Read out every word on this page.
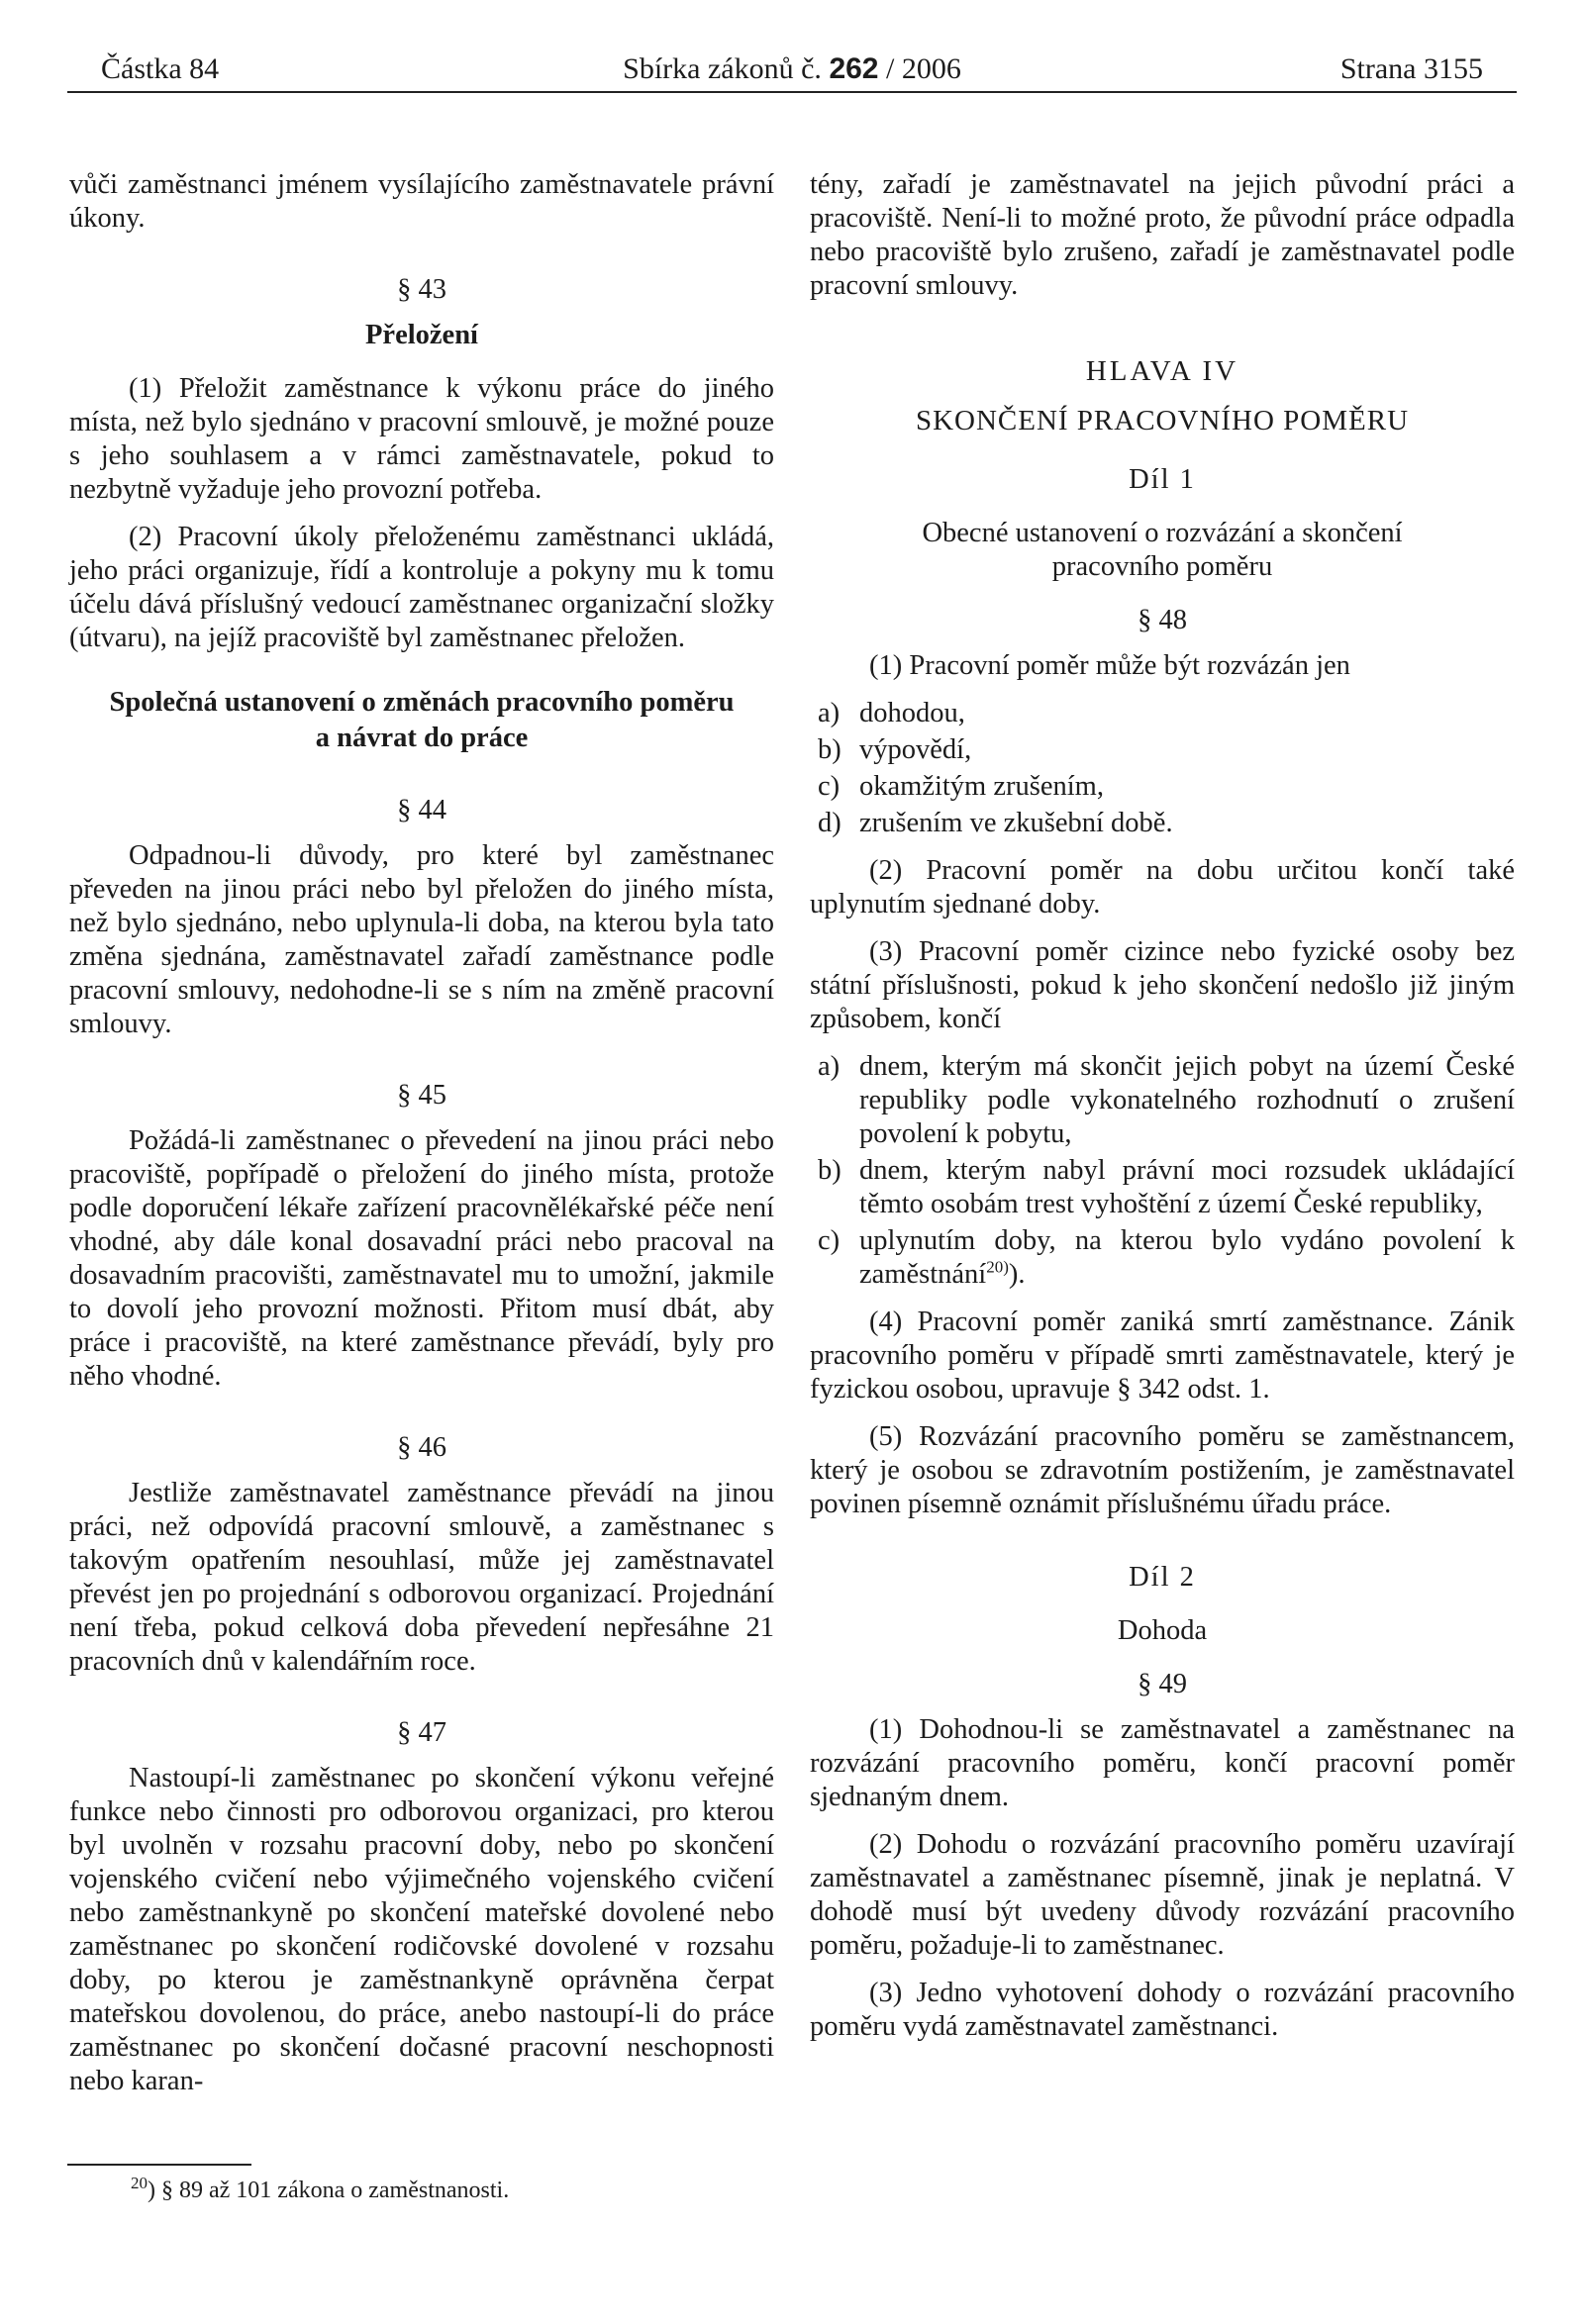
Částka 84	Sbírka zákonů č. 262 / 2006	Strana 3155

vůči zaměstnanci jménem vysílajícího zaměstnavatele právní úkony.

§ 43
Přeložení

(1) Přeložit zaměstnance k výkonu práce do jiného místa, než bylo sjednáno v pracovní smlouvě, je možné pouze s jeho souhlasem a v rámci zaměstnavatele, pokud to nezbytně vyžaduje jeho provozní potřeba.

(2) Pracovní úkoly přeloženému zaměstnanci ukládá, jeho práci organizuje, řídí a kontroluje a pokyny mu k tomu účelu dává příslušný vedoucí zaměstnanec organizační složky (útvaru), na jejíž pracoviště byl zaměstnanec přeložen.

Společná ustanovení o změnách pracovního poměru
a návrat do práce
§ 44

Odpadnou-li důvody, pro které byl zaměstnanec převeden na jinou práci nebo byl přeložen do jiného místa, než bylo sjednáno, nebo uplynula-li doba, na kterou byla tato změna sjednána, zaměstnavatel zařadí zaměstnance podle pracovní smlouvy, nedohodne-li se s ním na změně pracovní smlouvy.

§ 45

Požádá-li zaměstnanec o převedení na jinou práci nebo pracoviště, popřípadě o přeložení do jiného místa, protože podle doporučení lékaře zařízení pracovnělékařské péče není vhodné, aby dále konal dosavadní práci nebo pracoval na dosavadním pracovišti, zaměstnavatel mu to umožní, jakmile to dovolí jeho provozní možnosti. Přitom musí dbát, aby práce i pracoviště, na které zaměstnance převádí, byly pro něho vhodné.

§ 46

Jestliže zaměstnavatel zaměstnance převádí na jinou práci, než odpovídá pracovní smlouvě, a zaměstnanec s takovým opatřením nesouhlasí, může jej zaměstnavatel převést jen po projednání s odborovou organizací. Projednání není třeba, pokud celková doba převedení nepřesáhne 21 pracovních dnů v kalendářním roce.

§ 47

Nastoupí-li zaměstnanec po skončení výkonu veřejné funkce nebo činnosti pro odborovou organizaci, pro kterou byl uvolněn v rozsahu pracovní doby, nebo po skončení vojenského cvičení nebo výjimečného vojenského cvičení nebo zaměstnankyně po skončení mateřské dovolené nebo zaměstnanec po skončení rodičovské dovolené v rozsahu doby, po kterou je zaměstnankyně oprávněna čerpat mateřskou dovolenou, do práce, anebo nastoupí-li do práce zaměstnanec po skončení dočasné pracovní neschopnosti nebo karan-

tény, zařadí je zaměstnavatel na jejich původní práci a pracoviště. Není-li to možné proto, že původní práce odpadla nebo pracoviště bylo zrušeno, zařadí je zaměstnavatel podle pracovní smlouvy.

HLAVA IV
SKONČENÍ PRACOVNÍHO POMĚRU
Díl 1
Obecné ustanovení o rozvázání a skončení
pracovního poměru
§ 48

(1) Pracovní poměr může být rozvázán jen

a) dohodou,
b) výpovědí,
c) okamžitým zrušením,
d) zrušením ve zkušební době.

(2) Pracovní poměr na dobu určitou končí také uplynutím sjednané doby.

(3) Pracovní poměr cizince nebo fyzické osoby bez státní příslušnosti, pokud k jeho skončení nedošlo již jiným způsobem, končí

a) dnem, kterým má skončit jejich pobyt na území České republiky podle vykonatelného rozhodnutí o zrušení povolení k pobytu,
b) dnem, kterým nabyl právní moci rozsudek ukládající těmto osobám trest vyhoštění z území České republiky,
c) uplynutím doby, na kterou bylo vydáno povolení k zaměstnání$^{20)}$).

(4) Pracovní poměr zaniká smrtí zaměstnance. Zánik pracovního poměru v případě smrti zaměstnavatele, který je fyzickou osobou, upravuje § 342 odst. 1.

(5) Rozvázání pracovního poměru se zaměstnancem, který je osobou se zdravotním postižením, je zaměstnavatel povinen písemně oznámit příslušnému úřadu práce.

Díl 2
Dohoda
§ 49

(1) Dohodnou-li se zaměstnavatel a zaměstnanec na rozvázání pracovního poměru, končí pracovní poměr sjednaným dnem.

(2) Dohodu o rozvázání pracovního poměru uzavírají zaměstnavatel a zaměstnanec písemně, jinak je neplatná. V dohodě musí být uvedeny důvody rozvázání pracovního poměru, požaduje-li to zaměstnanec.

(3) Jedno vyhotovení dohody o rozvázání pracovního poměru vydá zaměstnavatel zaměstnanci.

$^{20}$) § 89 až 101 zákona o zaměstnanosti.
